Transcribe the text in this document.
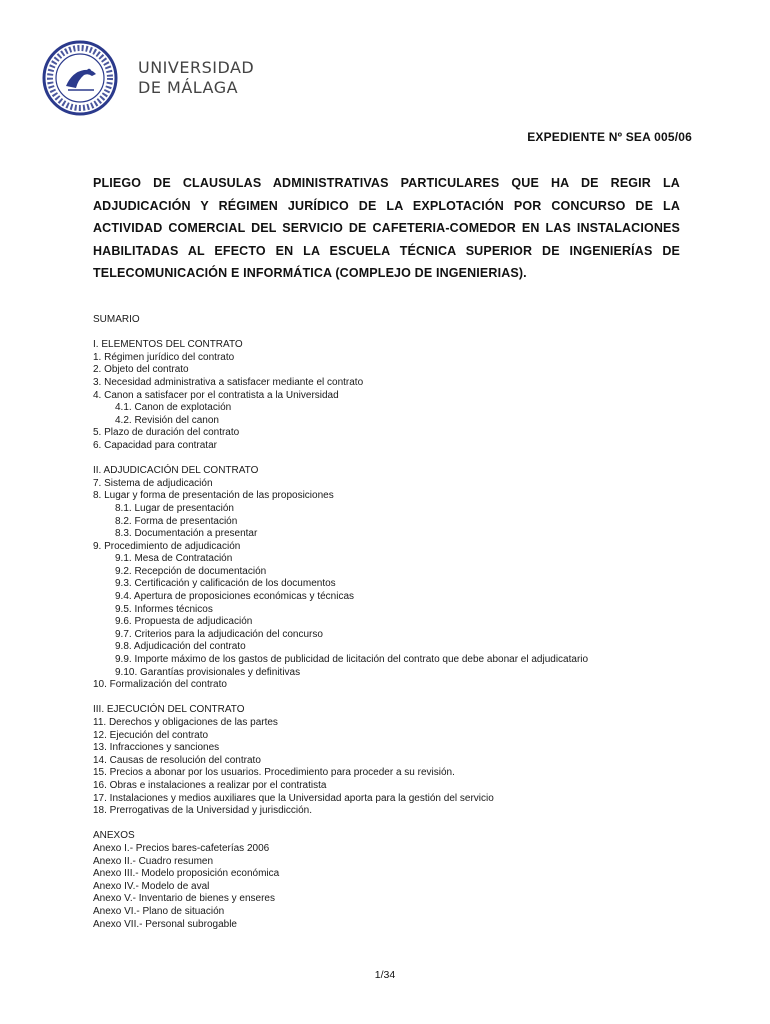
UNIVERSIDAD
DE MÁLAGA
EXPEDIENTE Nº SEA 005/06
PLIEGO DE CLAUSULAS ADMINISTRATIVAS PARTICULARES QUE HA DE REGIR LA ADJUDICACIÓN Y RÉGIMEN JURÍDICO DE LA EXPLOTACIÓN POR CONCURSO DE LA ACTIVIDAD COMERCIAL DEL SERVICIO DE CAFETERIA-COMEDOR EN LAS INSTALACIONES HABILITADAS AL EFECTO EN LA ESCUELA TÉCNICA SUPERIOR DE INGENIERÍAS DE TELECOMUNICACIÓN E INFORMÁTICA (COMPLEJO DE INGENIERIAS).
SUMARIO
I. ELEMENTOS DEL CONTRATO
1. Régimen jurídico del contrato
2. Objeto del contrato
3. Necesidad administrativa a satisfacer mediante el contrato
4. Canon a satisfacer por el contratista a la Universidad
4.1. Canon de explotación
4.2. Revisión del canon
5. Plazo de duración del contrato
6. Capacidad para contratar
II. ADJUDICACIÓN DEL CONTRATO
7. Sistema de adjudicación
8. Lugar y forma de presentación de las proposiciones
8.1. Lugar de presentación
8.2. Forma de presentación
8.3. Documentación a presentar
9. Procedimiento de adjudicación
9.1. Mesa de Contratación
9.2. Recepción de documentación
9.3. Certificación y calificación de los documentos
9.4. Apertura de proposiciones económicas y técnicas
9.5. Informes técnicos
9.6. Propuesta de adjudicación
9.7. Criterios para la adjudicación del concurso
9.8. Adjudicación del contrato
9.9. Importe máximo de los gastos de publicidad de licitación del contrato que debe abonar el adjudicatario
9.10. Garantías provisionales y definitivas
10. Formalización del contrato
III. EJECUCIÓN DEL CONTRATO
11. Derechos y obligaciones de las partes
12. Ejecución del contrato
13. Infracciones y sanciones
14. Causas de resolución del contrato
15. Precios a abonar por los usuarios. Procedimiento para proceder a su revisión.
16. Obras e instalaciones a realizar por el contratista
17. Instalaciones y medios auxiliares que la Universidad aporta para la gestión del servicio
18. Prerrogativas de la Universidad y jurisdicción.
ANEXOS
Anexo I.- Precios bares-cafeterías 2006
Anexo II.- Cuadro resumen
Anexo III.- Modelo proposición económica
Anexo IV.- Modelo de aval
Anexo V.- Inventario de bienes y enseres
Anexo VI.- Plano de situación
Anexo VII.- Personal subrogable
1/34
